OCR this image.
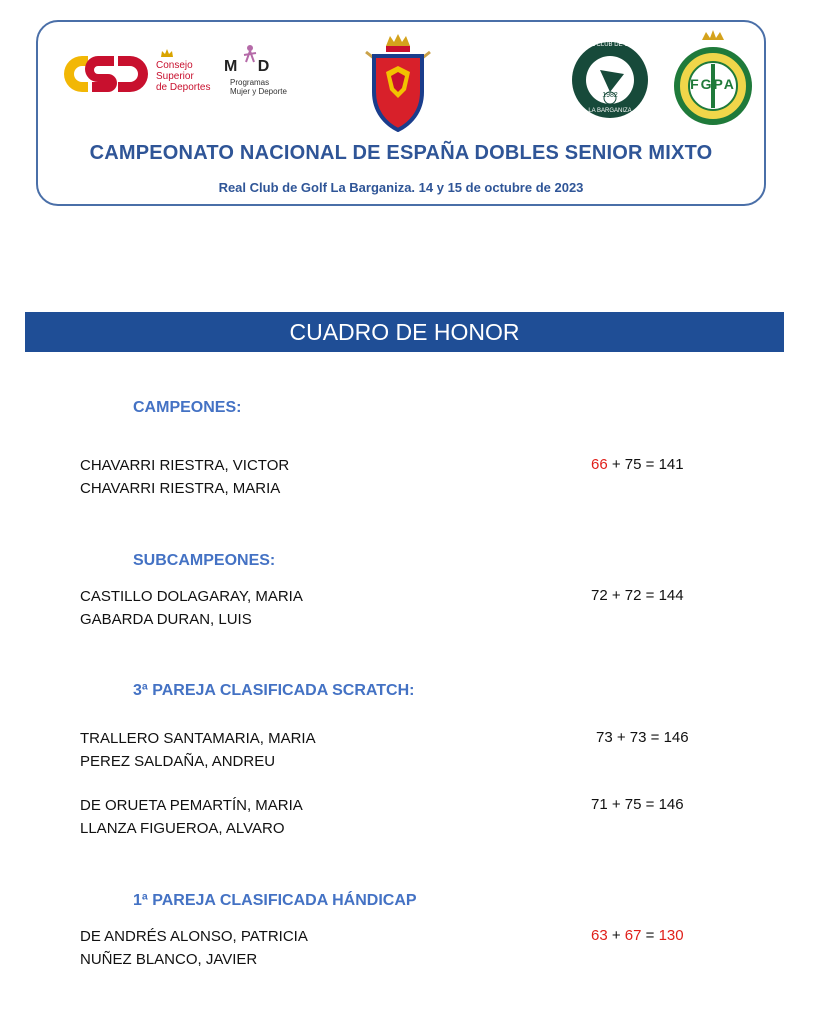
Consejo
Superior
de Deportes
M D
Programas
Mujer y Deporte
REAL CLUB DE GOLF
1982
LA BARGANIZA
FGPA
CAMPEONATO NACIONAL DE ESPAÑA DOBLES SENIOR MIXTO
Real Club de Golf La Barganiza. 14 y 15 de octubre de 2023
CUADRO DE HONOR
CAMPEONES:
CHAVARRI RIESTRA, VICTOR
CHAVARRI RIESTRA, MARIA
66 + 75 = 141
SUBCAMPEONES:
CASTILLO DOLAGARAY, MARIA
GABARDA DURAN, LUIS
72 + 72 = 144
3ª PAREJA CLASIFICADA SCRATCH:
TRALLERO SANTAMARIA, MARIA
PEREZ SALDAÑA, ANDREU
73 + 73 = 146
DE ORUETA PEMARTÍN, MARIA
LLANZA FIGUEROA, ALVARO
71 + 75 = 146
1ª PAREJA CLASIFICADA HÁNDICAP
DE ANDRÉS ALONSO, PATRICIA
NUÑEZ BLANCO, JAVIER
63 + 67 = 130
